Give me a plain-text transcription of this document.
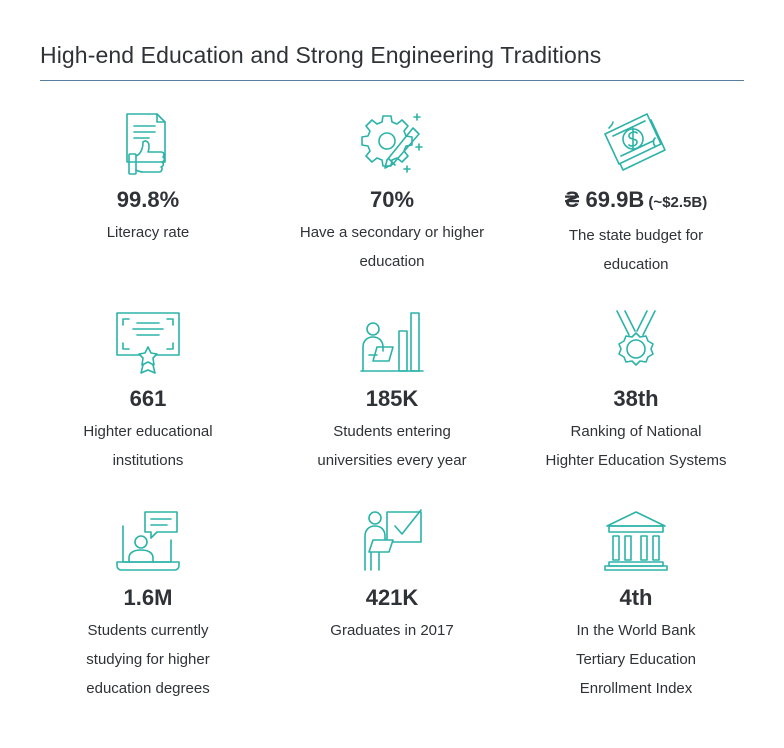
High-end Education and Strong Engineering Traditions
99.8%
Literacy rate
70%
Have a secondary or higher
education
₴ 69.9B (~$2.5B)
The state budget for
education
661
Highter educational
institutions
185K
Students entering
universities every year
38th
Ranking of National
Highter Education Systems
1.6M
Students currently
studying for higher
education degrees
421K
Graduates in 2017
4th
In the World Bank
Tertiary Education
Enrollment Index
